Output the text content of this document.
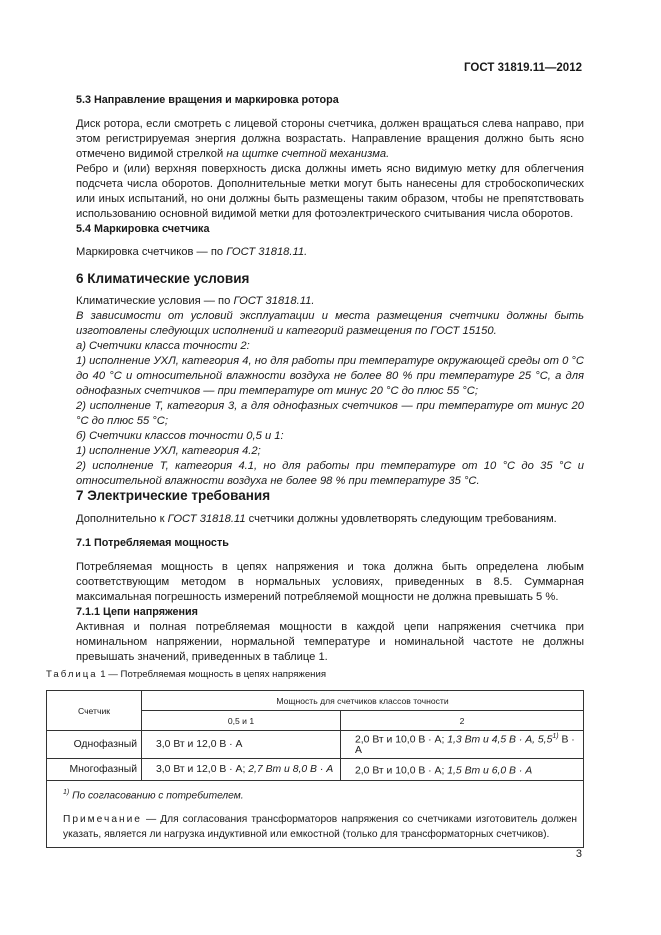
ГОСТ 31819.11—2012
5.3 Направление вращения и маркировка ротора

Диск ротора, если смотреть с лицевой стороны счетчика, должен вращаться слева направо, при этом регистрируемая энергия должна возрастать. Направление вращения должно быть ясно отмечено видимой стрелкой на щитке счетной механизма.

Ребро и (или) верхняя поверхность диска должны иметь ясно видимую метку для облегчения подсчета числа оборотов. Дополнительные метки могут быть нанесены для стробоскопических или иных испытаний, но они должны быть размещены таким образом, чтобы не препятствовать использованию основной видимой метки для фотоэлектрического считывания числа оборотов.

5.4 Маркировка счетчика

Маркировка счетчиков — по ГОСТ 31818.11.

6 Климатические условия

Климатические условия — по ГОСТ 31818.11.

В зависимости от условий эксплуатации и места размещения счетчики должны быть изготовлены следующих исполнений и категорий размещения по ГОСТ 15150.

а) Счетчики класса точности 2:

1) исполнение УХЛ, категория 4, но для работы при температуре окружающей среды от 0 °С до 40 °С и относительной влажности воздуха не более 80 % при температуре 25 °С, а для однофазных счетчиков — при температуре от минус 20 °С до плюс 55 °С;

2) исполнение Т, категория 3, а для однофазных счетчиков — при температуре от минус 20 °С до плюс 55 °С;

б) Счетчики классов точности 0,5 и 1:

1) исполнение УХЛ, категория 4.2;

2) исполнение Т, категория 4.1, но для работы при температуре от 10 °С до 35 °С и относительной влажности воздуха не более 98 % при температуре 35 °С.

7 Электрические требования

Дополнительно к ГОСТ 31818.11 счетчики должны удовлетворять следующим требованиям.

7.1 Потребляемая мощность

Потребляемая мощность в цепях напряжения и тока должна быть определена любым соответствующим методом в нормальных условиях, приведенных в 8.5. Суммарная максимальная погрешность измерений потребляемой мощности не должна превышать 5 %.

7.1.1 Цепи напряжения

Активная и полная потребляемая мощности в каждой цепи напряжения счетчика при номинальном напряжении, нормальной температуре и номинальной частоте не должны превышать значений, приведенных в таблице 1.

Таблица 1 — Потребляемая мощность в цепях напряжения
Счетчик	Мощность для счетчиков классов точности	
	0,5 и 1	2
Однофазный	3,0 Вт и 12,0 В · А	2,0 Вт и 10,0 В · А; 1,3 Вт и 4,5 В · А, 5,5$^{1)}$ В · А
Многофазный	3,0 Вт и 12,0 В · А; 2,7 Вт и 8,0 В · А	2,0 Вт и 10,0 В · А; 1,5 Вт и 6,0 В · А

$^{1)}$ По согласованию с потребителем.
Примечание — Для согласования трансформаторов напряжения со счетчиками изготовитель должен указать, является ли нагрузка индуктивной или емкостной (только для трансформаторных счетчиков).		
3
